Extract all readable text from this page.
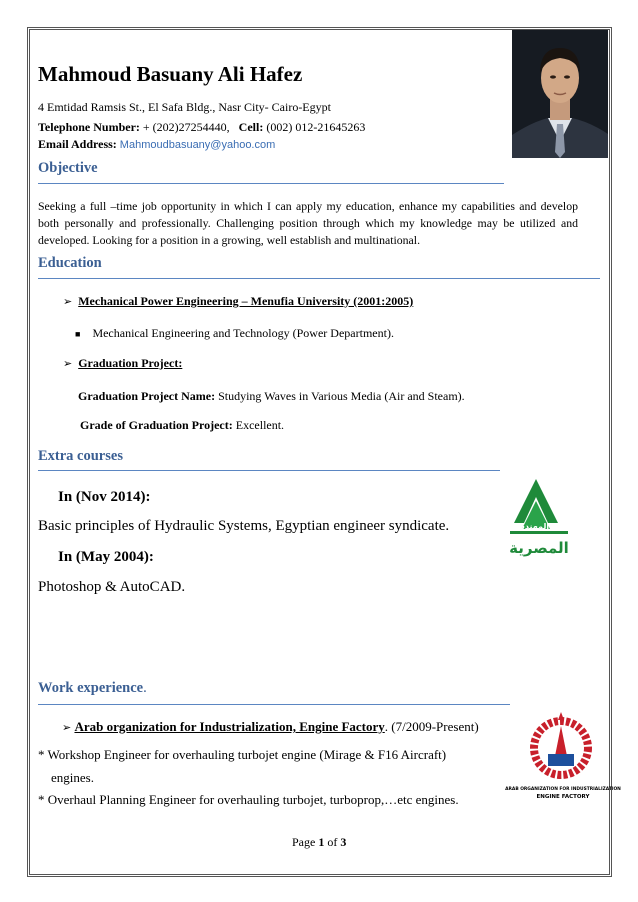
Mahmoud Basuany Ali Hafez
4 Emtidad Ramsis St., El Safa Bldg., Nasr City- Cairo-Egypt
Telephone Number: + (202)27254440, Cell: (002) 012-21645263
Email Address: Mahmoudbasuany@yahoo.com
Objective
Seeking a full –time job opportunity in which I can apply my education, enhance my capabilities and develop both personally and professionally. Challenging position through which my knowledge may be utilized and developed. Looking for a position in a growing, well establish and multinational.
Education
➢ Mechanical Power Engineering – Menufia University (2001:2005)
■ Mechanical Engineering and Technology (Power Department).
➢ Graduation Project:
Graduation Project Name: Studying Waves in Various Media (Air and Steam).
Grade of Graduation Project: Excellent.
Extra courses
In (Nov 2014):
Basic principles of Hydraulic Systems, Egyptian engineer syndicate.
In (May 2004):
Photoshop & AutoCAD.
نقابة المهندسين
المصرية
Work experience.
➢ Arab organization for Industrialization, Engine Factory. (7/2009-Present)
* Workshop Engineer for overhauling turbojet engine (Mirage & F16 Aircraft)
engines.
* Overhaul Planning Engineer for overhauling turbojet, turboprop,…etc engines.
ARAB ORGANIZATION FOR INDUSTRIALIZATION
ENGINE FACTORY
Page 1 of 3
